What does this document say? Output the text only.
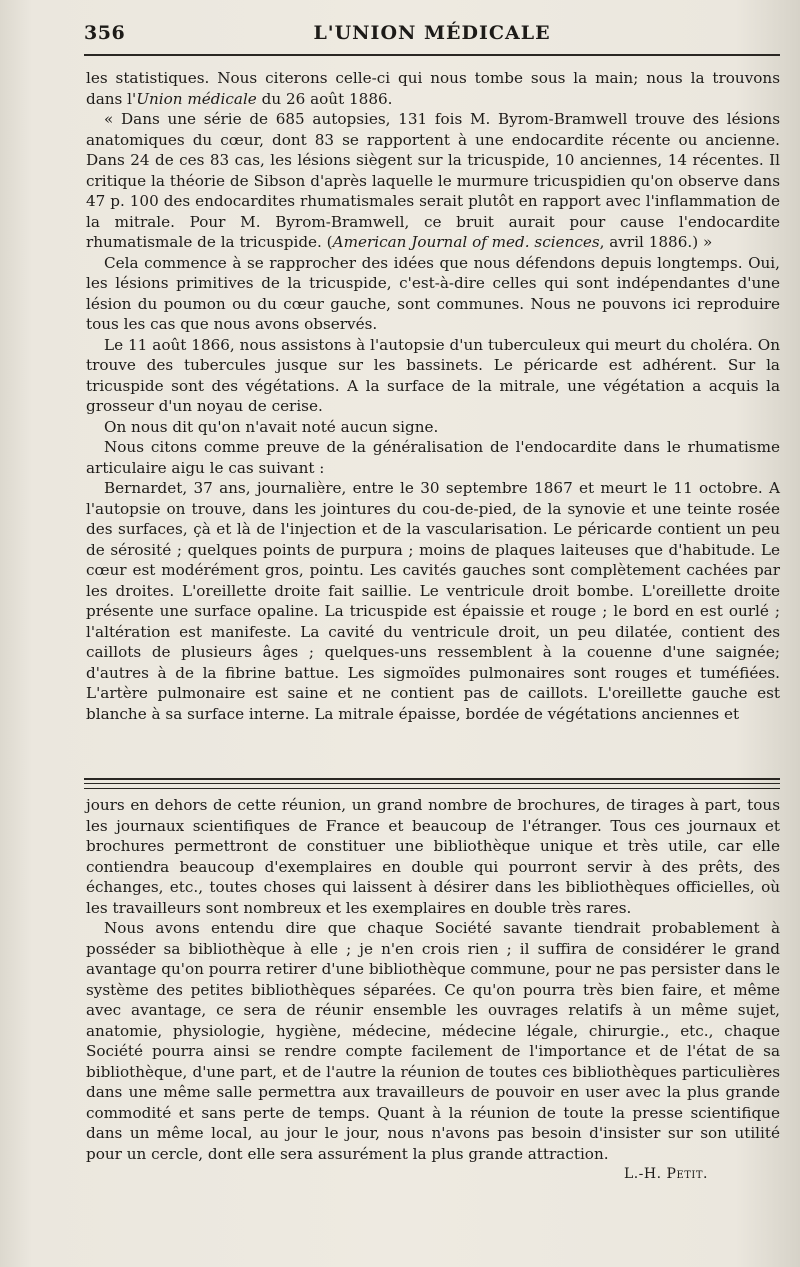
356	L'UNION MÉDICALE

les statistiques. Nous citerons celle-ci qui nous tombe sous la main; nous la trouvons dans l'Union médicale du 26 août 1886.

« Dans une série de 685 autopsies, 131 fois M. Byrom-Bramwell trouve des lésions anatomiques du cœur, dont 83 se rapportent à une endocardite récente ou ancienne. Dans 24 de ces 83 cas, les lésions siègent sur la tricuspide, 10 anciennes, 14 récentes. Il critique la théorie de Sibson d'après laquelle le murmure tricuspidien qu'on observe dans 47 p. 100 des endocardites rhumatismales serait plutôt en rapport avec l'inflammation de la mitrale. Pour M. Byrom-Bramwell, ce bruit aurait pour cause l'endocardite rhumatismale de la tricuspide. (American Journal of med. sciences, avril 1886.) »

Cela commence à se rapprocher des idées que nous défendons depuis longtemps. Oui, les lésions primitives de la tricuspide, c'est-à-dire celles qui sont indépendantes d'une lésion du poumon ou du cœur gauche, sont communes. Nous ne pouvons ici reproduire tous les cas que nous avons observés.

Le 11 août 1866, nous assistons à l'autopsie d'un tuberculeux qui meurt du choléra. On trouve des tubercules jusque sur les bassinets. Le péricarde est adhérent. Sur la tricuspide sont des végétations. A la surface de la mitrale, une végétation a acquis la grosseur d'un noyau de cerise.

On nous dit qu'on n'avait noté aucun signe.

Nous citons comme preuve de la généralisation de l'endocardite dans le rhumatisme articulaire aigu le cas suivant :

Bernardet, 37 ans, journalière, entre le 30 septembre 1867 et meurt le 11 octobre. A l'autopsie on trouve, dans les jointures du cou-de-pied, de la synovie et une teinte rosée des surfaces, çà et là de l'injection et de la vascularisation. Le péricarde contient un peu de sérosité ; quelques points de purpura ; moins de plaques laiteuses que d'habitude. Le cœur est modérément gros, pointu. Les cavités gauches sont complètement cachées par les droites. L'oreillette droite fait saillie. Le ventricule droit bombe. L'oreillette droite présente une surface opaline. La tricuspide est épaissie et rouge ; le bord en est ourlé ; l'altération est manifeste. La cavité du ventricule droit, un peu dilatée, contient des caillots de plusieurs âges ; quelques-uns ressemblent à la couenne d'une saignée; d'autres à de la fibrine battue. Les sigmoïdes pulmonaires sont rouges et tuméfiées. L'artère pulmonaire est saine et ne contient pas de caillots. L'oreillette gauche est blanche à sa surface interne. La mitrale épaisse, bordée de végétations anciennes et

jours en dehors de cette réunion, un grand nombre de brochures, de tirages à part, tous les journaux scientifiques de France et beaucoup de l'étranger. Tous ces journaux et brochures permettront de constituer une bibliothèque unique et très utile, car elle contiendra beaucoup d'exemplaires en double qui pourront servir à des prêts, des échanges, etc., toutes choses qui laissent à désirer dans les bibliothèques officielles, où les travailleurs sont nombreux et les exemplaires en double très rares.

Nous avons entendu dire que chaque Société savante tiendrait probablement à posséder sa bibliothèque à elle ; je n'en crois rien ; il suffira de considérer le grand avantage qu'on pourra retirer d'une bibliothèque commune, pour ne pas persister dans le système des petites bibliothèques séparées. Ce qu'on pourra très bien faire, et même avec avantage, ce sera de réunir ensemble les ouvrages relatifs à un même sujet, anatomie, physiologie, hygiène, médecine, médecine légale, chirurgie., etc., chaque Société pourra ainsi se rendre compte facilement de l'importance et de l'état de sa bibliothèque, d'une part, et de l'autre la réunion de toutes ces bibliothèques particulières dans une même salle permettra aux travailleurs de pouvoir en user avec la plus grande commodité et sans perte de temps. Quant à la réunion de toute la presse scientifique dans un même local, au jour le jour, nous n'avons pas besoin d'insister sur son utilité pour un cercle, dont elle sera assurément la plus grande attraction.

L.-H. Petit.
